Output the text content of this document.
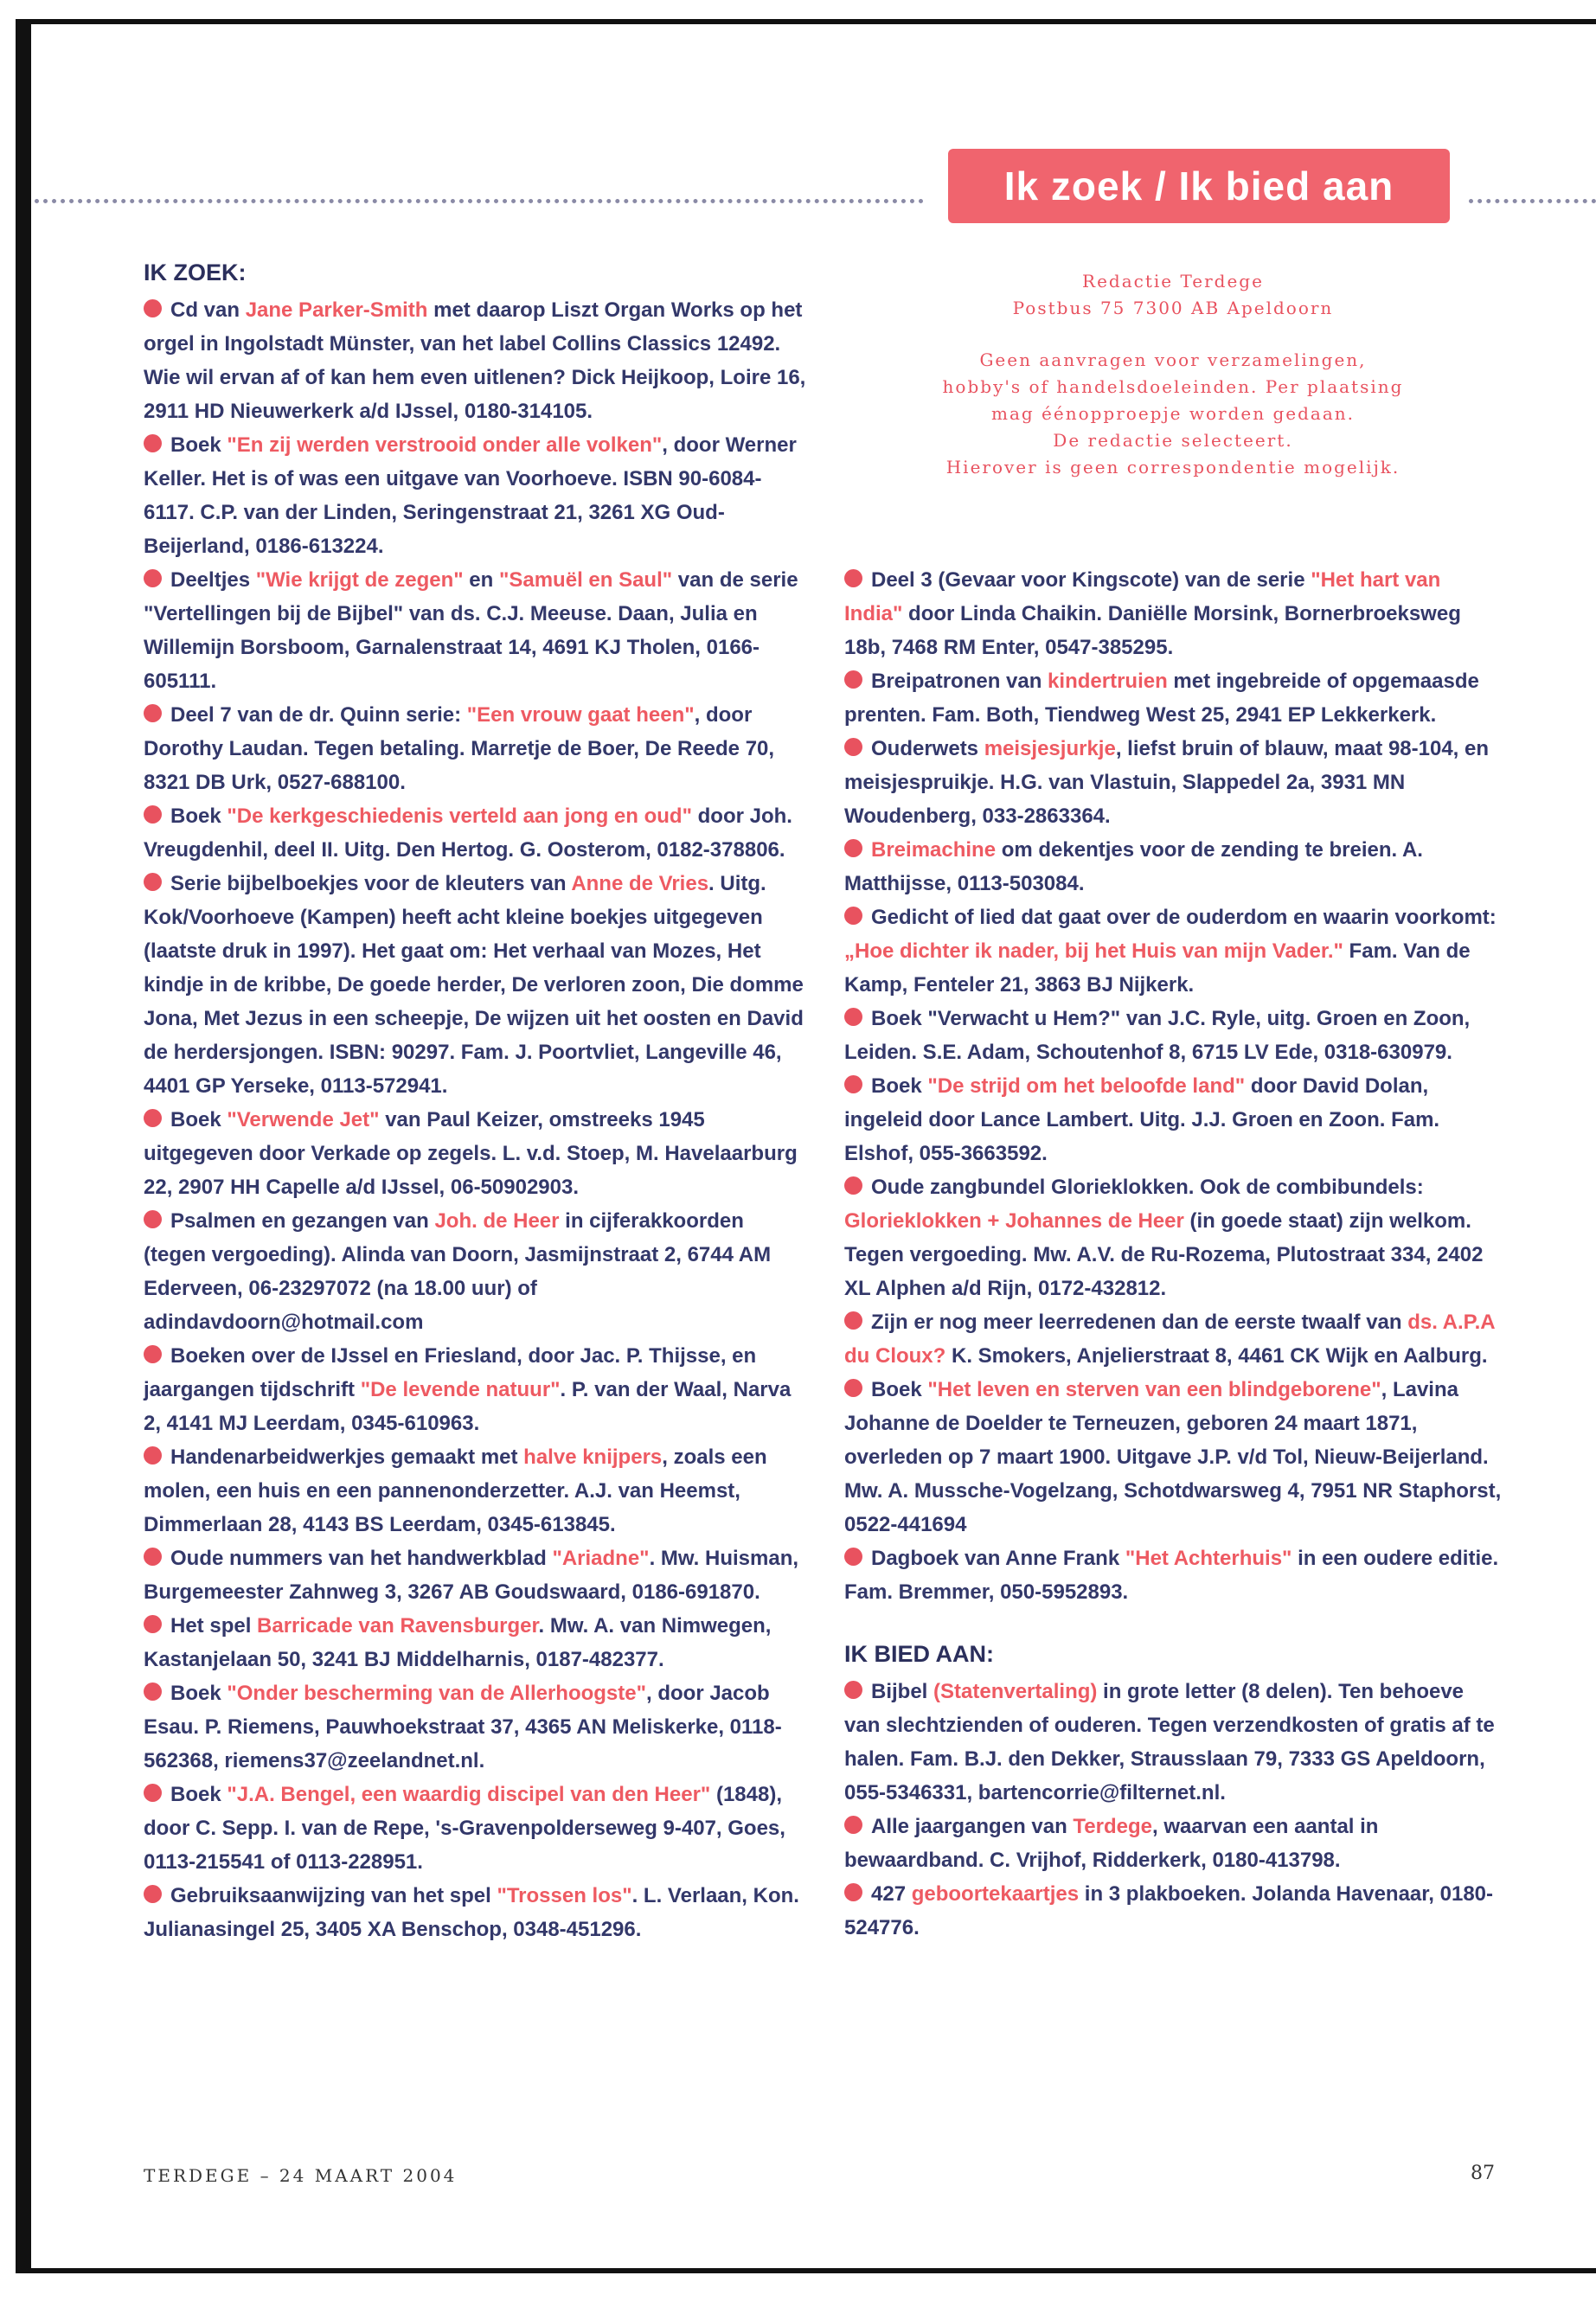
Ik zoek / Ik bied aan
IK ZOEK:

Cd van Jane Parker-Smith met daarop Liszt Organ Works op het orgel in Ingolstadt Münster, van het label Collins Classics 12492. Wie wil ervan af of kan hem even uitlenen? Dick Heijkoop, Loire 16, 2911 HD Nieuwerkerk a/d IJssel, 0180-314105.

Boek "En zij werden verstrooid onder alle volken", door Werner Keller. Het is of was een uitgave van Voorhoeve. ISBN 90-6084-6117. C.P. van der Linden, Seringenstraat 21, 3261 XG Oud-Beijerland, 0186-613224.

Deeltjes "Wie krijgt de zegen" en "Samuël en Saul" van de serie "Vertellingen bij de Bijbel" van ds. C.J. Meeuse. Daan, Julia en Willemijn Borsboom, Garnalenstraat 14, 4691 KJ Tholen, 0166-605111.

Deel 7 van de dr. Quinn serie: "Een vrouw gaat heen", door Dorothy Laudan. Tegen betaling. Marretje de Boer, De Reede 70, 8321 DB Urk, 0527-688100.

Boek "De kerkgeschiedenis verteld aan jong en oud" door Joh. Vreugdenhil, deel II. Uitg. Den Hertog. G. Oosterom, 0182-378806.

Serie bijbelboekjes voor de kleuters van Anne de Vries. Uitg. Kok/Voorhoeve (Kampen) heeft acht kleine boekjes uitgegeven (laatste druk in 1997). Het gaat om: Het verhaal van Mozes, Het kindje in de kribbe, De goede herder, De verloren zoon, Die domme Jona, Met Jezus in een scheepje, De wijzen uit het oosten en David de herdersjongen. ISBN: 90297. Fam. J. Poortvliet, Langeville 46, 4401 GP Yerseke, 0113-572941.

Boek "Verwende Jet" van Paul Keizer, omstreeks 1945 uitgegeven door Verkade op zegels. L. v.d. Stoep, M. Havelaarburg 22, 2907 HH Capelle a/d IJssel, 06-50902903.

Psalmen en gezangen van Joh. de Heer in cijferakkoorden (tegen vergoeding). Alinda van Doorn, Jasmijnstraat 2, 6744 AM Ederveen, 06-23297072 (na 18.00 uur) of adindavdoorn@hotmail.com

Boeken over de IJssel en Friesland, door Jac. P. Thijsse, en jaargangen tijdschrift "De levende natuur". P. van der Waal, Narva 2, 4141 MJ Leerdam, 0345-610963.

Handenarbeidwerkjes gemaakt met halve knijpers, zoals een molen, een huis en een pannenonderzetter. A.J. van Heemst, Dimmerlaan 28, 4143 BS Leerdam, 0345-613845.

Oude nummers van het handwerkblad "Ariadne". Mw. Huisman, Burgemeester Zahnweg 3, 3267 AB Goudswaard, 0186-691870.

Het spel Barricade van Ravensburger. Mw. A. van Nimwegen, Kastanjelaan 50, 3241 BJ Middelharnis, 0187-482377.

Boek "Onder bescherming van de Allerhoogste", door Jacob Esau. P. Riemens, Pauwhoekstraat 37, 4365 AN Meliskerke, 0118-562368, riemens37@zeelandnet.nl.

Boek "J.A. Bengel, een waardig discipel van den Heer" (1848), door C. Sepp. I. van de Repe, 's-Gravenpolderseweg 9-407, Goes, 0113-215541 of 0113-228951.

Gebruiksaanwijzing van het spel "Trossen los". L. Verlaan, Kon. Julianasingel 25, 3405 XA Benschop, 0348-451296.

Redactie Terdege
Postbus 75 7300 AB Apeldoorn
Geen aanvragen voor verzamelingen,
hobby's of handelsdoeleinden. Per plaatsing
mag éénopproepje worden gedaan.
De redactie selecteert.
Hierover is geen correspondentie mogelijk.

Deel 3 (Gevaar voor Kingscote) van de serie "Het hart van India" door Linda Chaikin. Daniëlle Morsink, Bornerbroeksweg 18b, 7468 RM Enter, 0547-385295.

Breipatronen van kindertruien met ingebreide of opgemaasde prenten. Fam. Both, Tiendweg West 25, 2941 EP Lekkerkerk.

Ouderwets meisjesjurkje, liefst bruin of blauw, maat 98-104, en meisjespruikje. H.G. van Vlastuin, Slappedel 2a, 3931 MN Woudenberg, 033-2863364.

Breimachine om dekentjes voor de zending te breien. A. Matthijsse, 0113-503084.

Gedicht of lied dat gaat over de ouderdom en waarin voorkomt: „Hoe dichter ik nader, bij het Huis van mijn Vader." Fam. Van de Kamp, Fenteler 21, 3863 BJ Nijkerk.

Boek "Verwacht u Hem?" van J.C. Ryle, uitg. Groen en Zoon, Leiden. S.E. Adam, Schoutenhof 8, 6715 LV Ede, 0318-630979.

Boek "De strijd om het beloofde land" door David Dolan, ingeleid door Lance Lambert. Uitg. J.J. Groen en Zoon. Fam. Elshof, 055-3663592.

Oude zangbundel Glorieklokken. Ook de combibundels: Glorieklokken + Johannes de Heer (in goede staat) zijn welkom. Tegen vergoeding. Mw. A.V. de Ru-Rozema, Plutostraat 334, 2402 XL Alphen a/d Rijn, 0172-432812.

Zijn er nog meer leerredenen dan de eerste twaalf van ds. A.P.A du Cloux? K. Smokers, Anjelierstraat 8, 4461 CK Wijk en Aalburg.

Boek "Het leven en sterven van een blindgeborene", Lavina Johanne de Doelder te Terneuzen, geboren 24 maart 1871, overleden op 7 maart 1900. Uitgave J.P. v/d Tol, Nieuw-Beijerland. Mw. A. Mussche-Vogelzang, Schotdwarsweg 4, 7951 NR Staphorst, 0522-441694

Dagboek van Anne Frank "Het Achterhuis" in een oudere editie. Fam. Bremmer, 050-5952893.

IK BIED AAN:

Bijbel (Statenvertaling) in grote letter (8 delen). Ten behoeve van slechtzienden of ouderen. Tegen verzendkosten of gratis af te halen. Fam. B.J. den Dekker, Strausslaan 79, 7333 GS Apeldoorn, 055-5346331, bartencorrie@filternet.nl.

Alle jaargangen van Terdege, waarvan een aantal in bewaardband. C. Vrijhof, Ridderkerk, 0180-413798.

427 geboortekaartjes in 3 plakboeken. Jolanda Havenaar, 0180-524776.

TERDEGE – 24 MAART 2004	87
